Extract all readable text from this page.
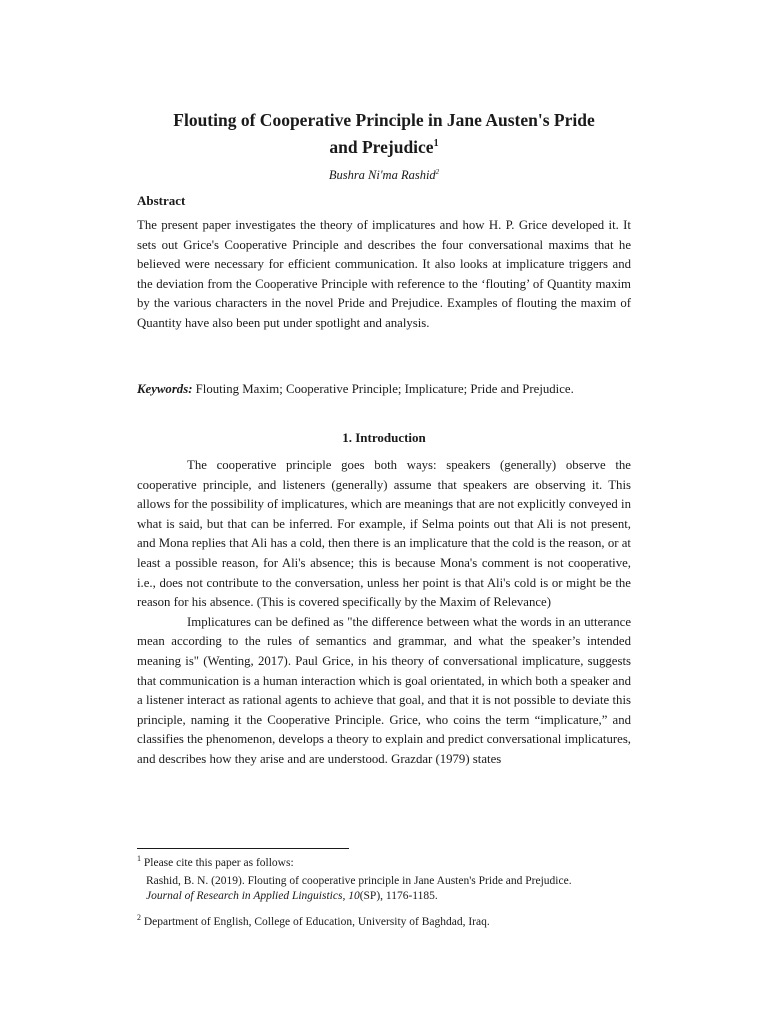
Flouting of Cooperative Principle in Jane Austen's Pride
and Prejudice$^1$
Bushra Ni'ma Rashid$^2$
Abstract
The present paper investigates the theory of implicatures and how H. P. Grice developed it. It sets out Grice's Cooperative Principle and describes the four conversational maxims that he believed were necessary for efficient communication. It also looks at implicature triggers and the deviation from the Cooperative Principle with reference to the ‘flouting’ of Quantity maxim by the various characters in the novel Pride and Prejudice. Examples of flouting the maxim of Quantity have also been put under spotlight and analysis.
Keywords: Flouting Maxim; Cooperative Principle; Implicature; Pride and Prejudice.
1. Introduction

The cooperative principle goes both ways: speakers (generally) observe the cooperative principle, and listeners (generally) assume that speakers are observing it. This allows for the possibility of implicatures, which are meanings that are not explicitly conveyed in what is said, but that can be inferred. For example, if Selma points out that Ali is not present, and Mona replies that Ali has a cold, then there is an implicature that the cold is the reason, or at least a possible reason, for Ali's absence; this is because Mona's comment is not cooperative, i.e., does not contribute to the conversation, unless her point is that Ali's cold is or might be the reason for his absence. (This is covered specifically by the Maxim of Relevance)

Implicatures can be defined as "the difference between what the words in an utterance mean according to the rules of semantics and grammar, and what the speaker’s intended meaning is" (Wenting, 2017). Paul Grice, in his theory of conversational implicature, suggests that communication is a human interaction which is goal orientated, in which both a speaker and a listener interact as rational agents to achieve that goal, and that it is not possible to deviate this principle, naming it the Cooperative Principle. Grice, who coins the term “implicature,” and classifies the phenomenon, develops a theory to explain and predict conversational implicatures, and describes how they arise and are understood. Grazdar (1979) states

$^1$ Please cite this paper as follows:
Rashid, B. N. (2019). Flouting of cooperative principle in Jane Austen's Pride and Prejudice.
Journal of Research in Applied Linguistics, 10(SP), 1176-1185.
$^2$ Department of English, College of Education, University of Baghdad, Iraq.
